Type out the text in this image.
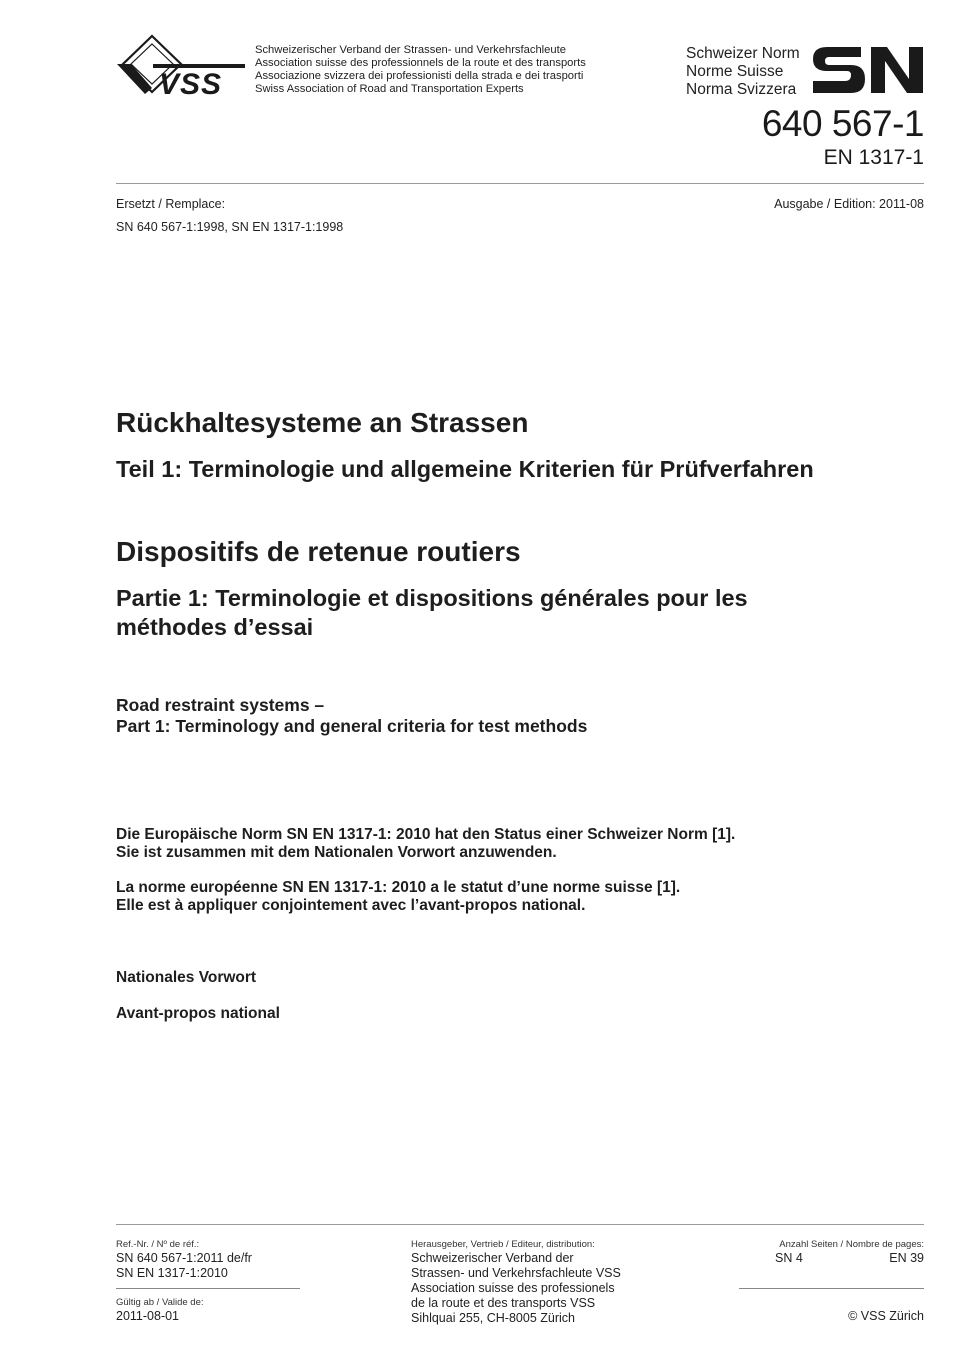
VSS
Schweizerischer Verband der Strassen- und Verkehrsfachleute
Association suisse des professionnels de la route et des transports
Associazione svizzera dei professionisti della strada e dei trasporti
Swiss Association of Road and Transportation Experts
Schweizer Norm
Norme Suisse
Norma Svizzera
640 567-1
EN 1317-1
Ersetzt / Remplace:
SN 640 567-1:1998, SN EN 1317-1:1998
Ausgabe / Edition: 2011-08
Rückhaltesysteme an Strassen
Teil 1: Terminologie und allgemeine Kriterien für Prüfverfahren
Dispositifs de retenue routiers
Partie 1: Terminologie et dispositions générales pour les
méthodes d’essai
Road restraint systems –
Part 1: Terminology and general criteria for test methods
Die Europäische Norm SN EN 1317-1: 2010 hat den Status einer Schweizer Norm [1].
Sie ist zusammen mit dem Nationalen Vorwort anzuwenden.
La norme européenne SN EN 1317-1: 2010 a le statut d’une norme suisse [1].
Elle est à appliquer conjointement avec l’avant-propos national.
Nationales Vorwort
Avant-propos national
Ref.-Nr. / Nº de réf.:
SN 640 567-1:2011 de/fr
SN EN 1317-1:2010
Gültig ab / Valide de:
2011-08-01
Herausgeber, Vertrieb / Editeur, distribution:
Schweizerischer Verband der
Strassen- und Verkehrsfachleute VSS
Association suisse des professionels
de la route et des transports VSS
Sihlquai 255, CH-8005 Zürich
Anzahl Seiten / Nombre de pages:
SN 4	EN 39
© VSS Zürich
